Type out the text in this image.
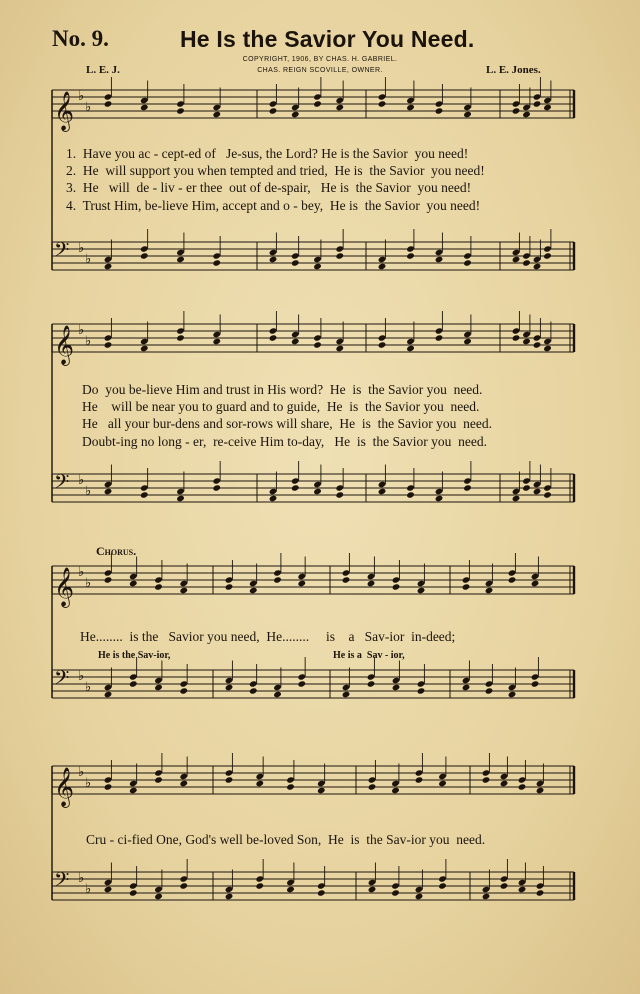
No. 9.	He Is the Savior You Need.
COPYRIGHT, 1906, BY CHAS. H. GABRIEL.
CHAS. REIGN SCOVILLE, OWNER.
L. E. J.	L. E. Jones.
𝄞 ♭
♭
𝄢 ♭
♭
𝄞 ♭
♭
𝄢 ♭
♭
𝄞 ♭
♭
𝄢 ♭
♭
𝄞 ♭
♭
𝄢 ♭
♭
1.  Have you ac - cept-ed of   Je-sus, the Lord? He is the Savior  you need!
2.  He  will support you when tempted and tried,  He is  the Savior  you need!
3.  He   will  de - liv - er thee  out of de-spair,   He is  the Savior  you need!
4.  Trust Him, be-lieve Him, accept and o - bey,  He is  the Savior  you need!
Do  you be-lieve Him and trust in His word?  He  is  the Savior you  need.
He    will be near you to guard and to guide,  He  is  the Savior you  need.
He   all your bur-dens and sor-rows will share,  He  is  the Savior you  need.
Doubt-ing no long - er,  re-ceive Him to-day,   He  is  the Savior you  need.
Chorus.
He........  is the   Savior you need,  He........     is    a   Sav-ior  in-deed;
He is the Sav-ior,	He is a  Sav - ior,
Cru - ci-fied One, God's well be-loved Son,  He  is  the Sav-ior you  need.
